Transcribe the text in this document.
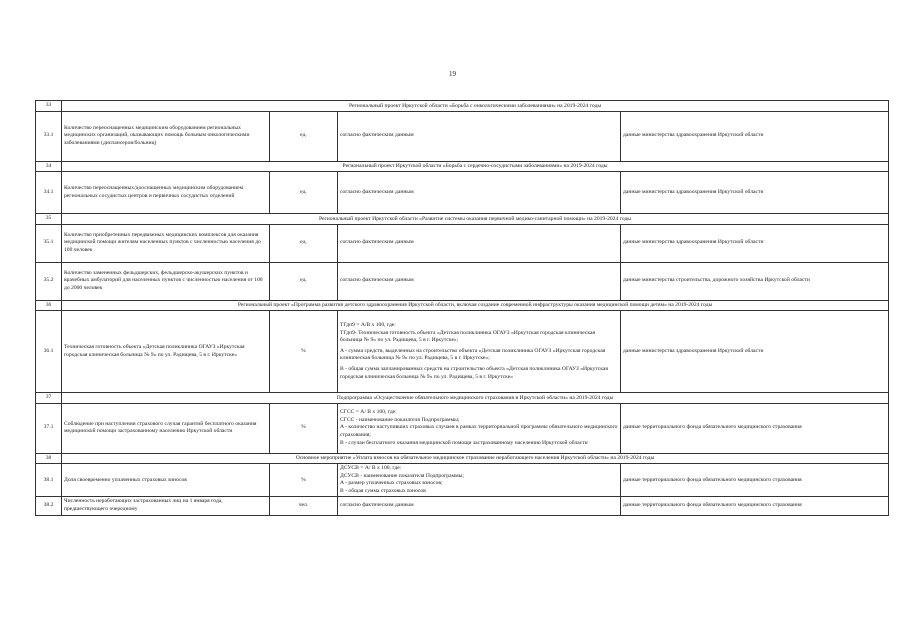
19
33	Региональный проект Иркутской области «Борьба с онкологическими заболеваниями» на 2019-2024 годы			
33.1	Количество переоснащенных медицинским оборудованием региональных медицинских организаций, оказывающих помощь больным онкологическими заболеваниями (диспансеров/больниц)	ед.	согласно фактическим данным	данные министерства здравоохранения Иркутской области
34	Региональный проект Иркутской области «Борьба с сердечно-сосудистыми заболеваниями» на 2019-2024 годы			
34.1	Количество переоснащенных/дооснащенных медицинским оборудованием региональных сосудистых центров и первичных сосудистых отделений	ед.	согласно фактическим данным	данные министерства здравоохранения Иркутской области
35	Региональный проект Иркутской области «Развитие системы оказания первичной медико-санитарной помощи» на 2019-2024 годы			
35.1	Количество приобретенных передвижных медицинских комплексов для оказания медицинской помощи жителям населенных пунктов с численностью населения до 100 человек	ед.	согласно фактическим данным	данные министерства здравоохранения Иркутской области
35.2	Количество замененных фельдшерских, фельдшерско-акушерских пунктов и врачебных амбулаторий для населенных пунктов с численностью населения от 100 до 2000 человек	ед.	согласно фактическим данным	данные министерства строительства, дорожного хозяйства Иркутской области
36	Региональный проект «Программа развития детского здравоохранения Иркутской области, включая создание современной инфраструктуры оказания медицинской помощи детям» на 2019-2024 годы			
36.1	Техническая готовность объекта «Детская поликлиника ОГАУЗ «Иркутская городская клиническая больница № 9» по ул. Радищева, 5 в г. Иркутске»	%	ТГдп9 = A/B х 100, где:
ТГдп9- Техническая готовность объекта «Детская поликлиника ОГАУЗ «Иркутская городская клиническая больница № 9» по ул. Радищева, 5 в г. Иркутске»;
A - сумма средств, выделенных на строительство объекта «Детская поликлиника ОГАУЗ «Иркутская городская клиническая больница № 9» по ул. Радищева, 5 в г. Иркутске»;
B - общая сумма запланированных средств на строительство объекта «Детская поликлиника ОГАУЗ «Иркутская городская клиническая больница № 9» по ул. Радищева, 5 в г. Иркутске»	данные министерства здравоохранения Иркутской области
37	Подпрограмма «Осуществление обязательного медицинского страхования в Иркутской области» на 2019-2024 годы			
37.1	Соблюдение при наступлении страхового случая гарантий бесплатного оказания медицинской помощи застрахованному населению Иркутской области	%	СГСС = A/ B х 100, где:
СГСС - наименование показателя Подпрограммы;
A - количество наступивших страховых случаев в рамках территориальной программы обязательного медицинского страхования;
B - случаи бесплатного оказания медицинской помощи застрахованному населению Иркутской области	данные территориального фонда обязательного медицинского страхования
38	Основное мероприятие «Уплата взносов на обязательное медицинское страхование неработающего населения Иркутской области» на 2019-2024 годы			
38.1	Доля своевременно уплаченных страховых взносов	%	ДСУСВ = A/ B х 100, где:
ДСУСВ - наименование показателя Подпрограммы;
A - размер уплаченных страховых взносов;
B - общая сумма страховых взносов	данные территориального фонда обязательного медицинского страхования
38.2	Численность неработающих застрахованных лиц на 1 января года, предшествующего очередному	чел.	согласно фактическим данным	данные территориального фонда обязательного медицинского страхования
